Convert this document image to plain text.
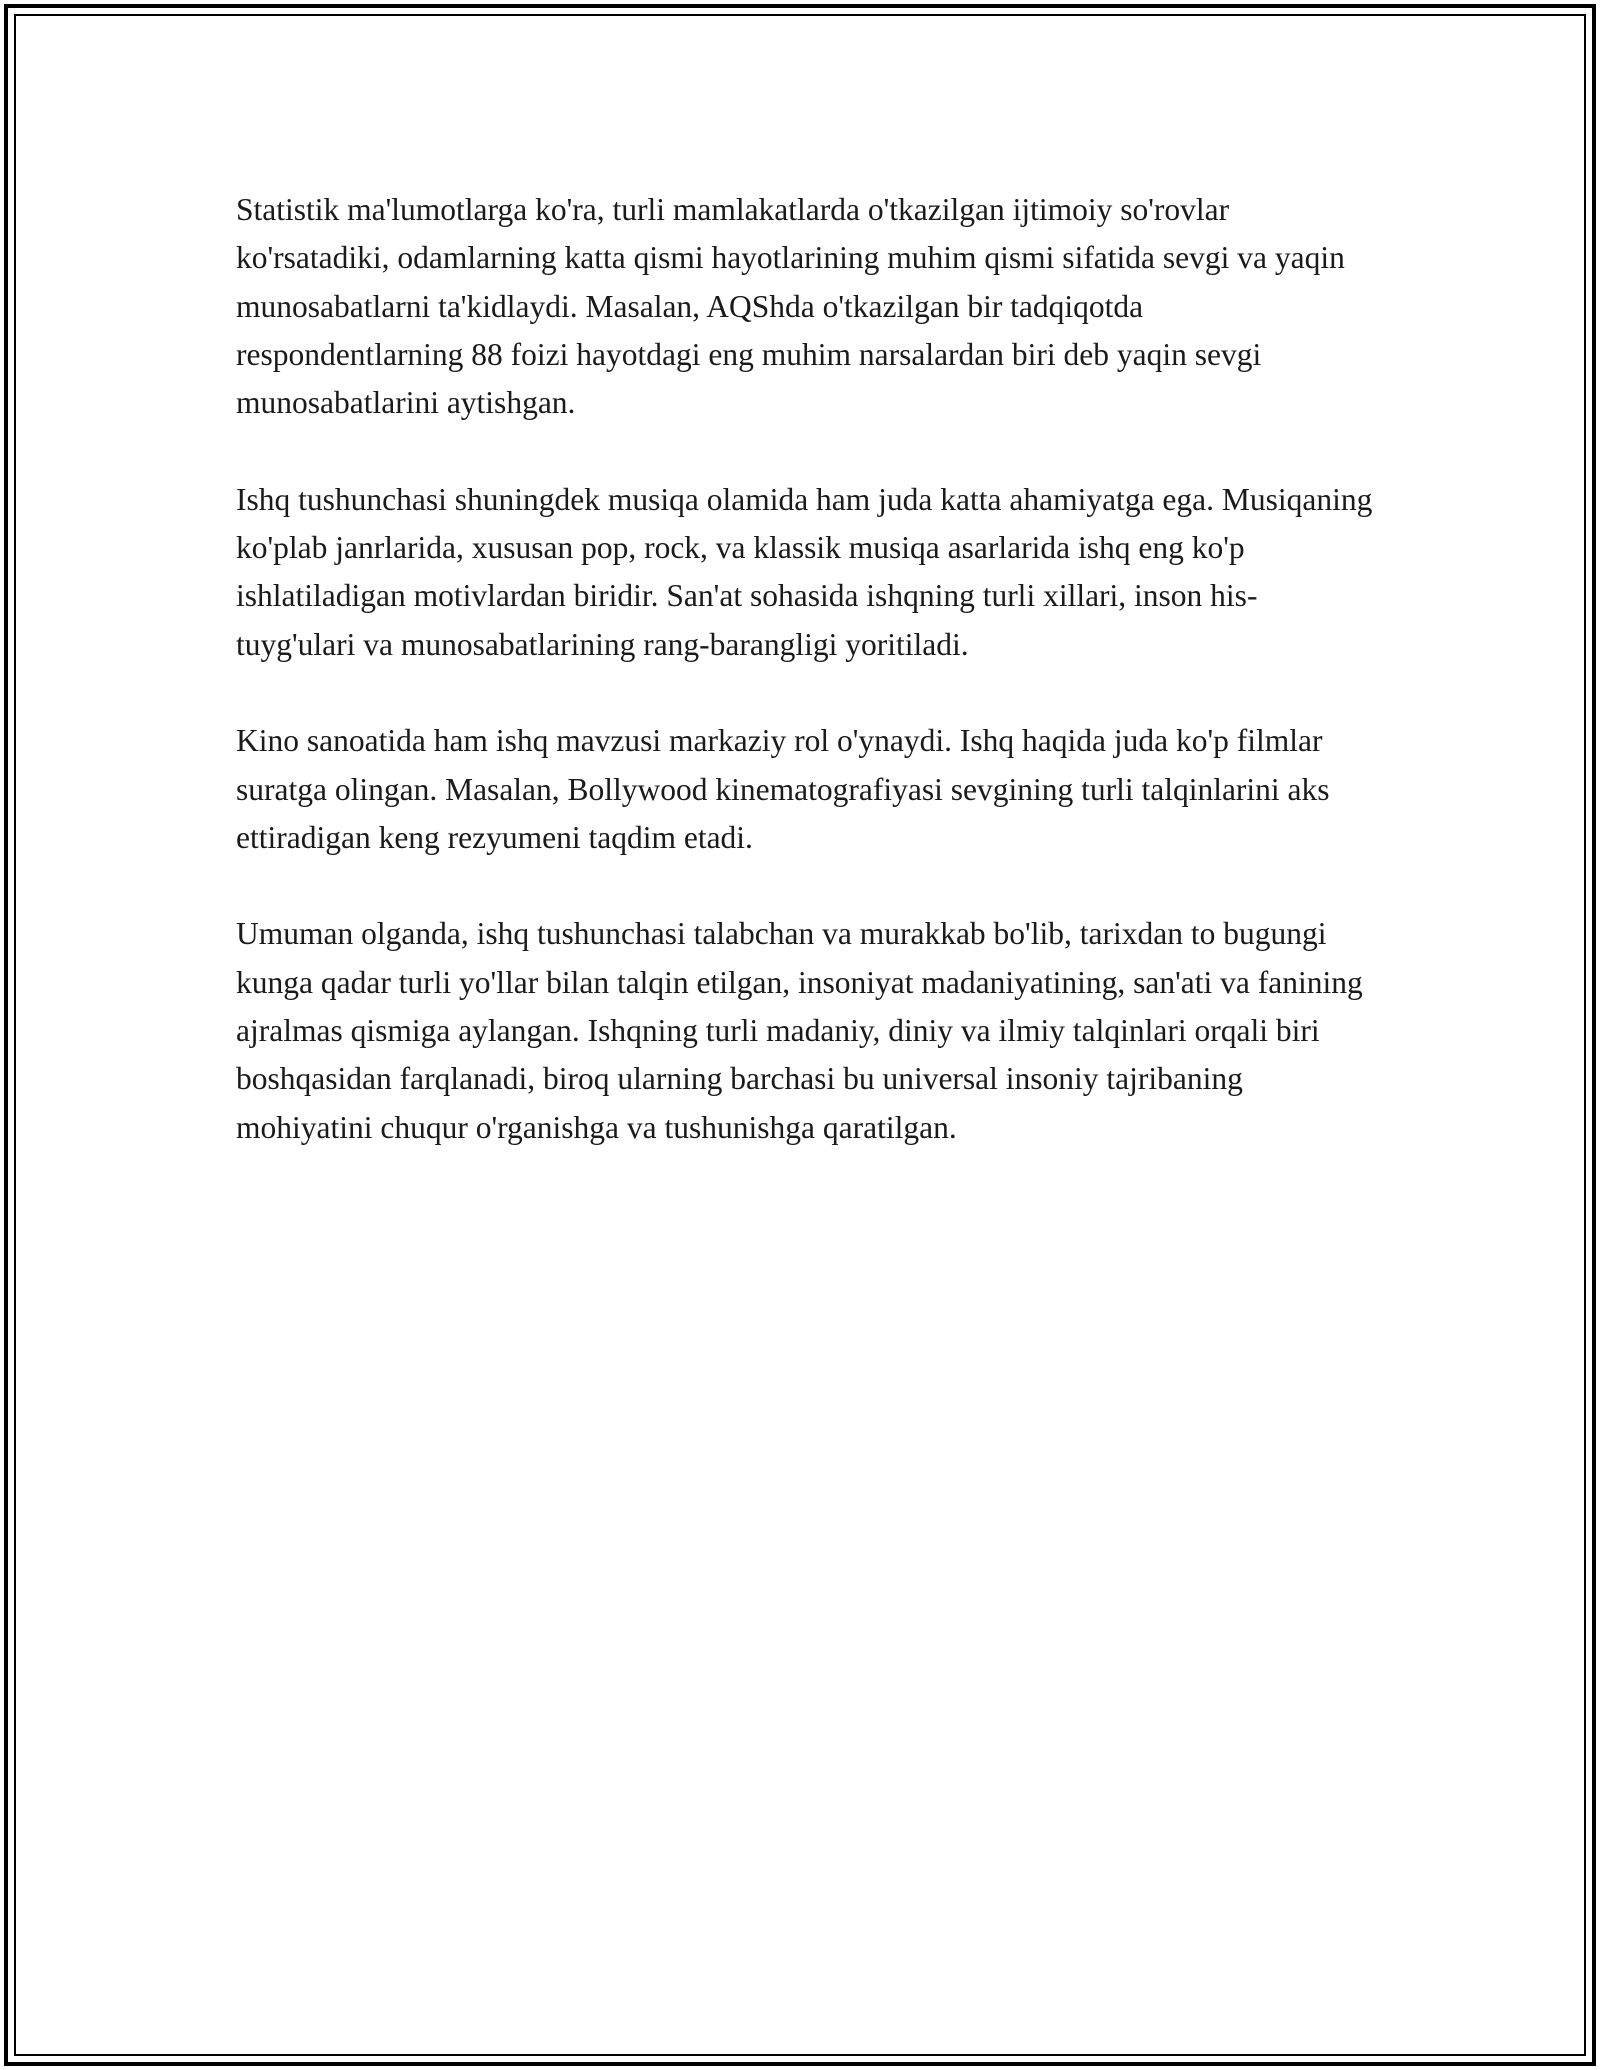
Statistik ma'lumotlarga ko'ra, turli mamlakatlarda o'tkazilgan ijtimoiy so'rovlar ko'rsatadiki, odamlarning katta qismi hayotlarining muhim qismi sifatida sevgi va yaqin munosabatlarni ta'kidlaydi. Masalan, AQShda o'tkazilgan bir tadqiqotda respondentlarning 88 foizi hayotdagi eng muhim narsalardan biri deb yaqin sevgi munosabatlarini aytishgan.

Ishq tushunchasi shuningdek musiqa olamida ham juda katta ahamiyatga ega. Musiqaning ko'plab janrlarida, xususan pop, rock, va klassik musiqa asarlarida ishq eng ko'p ishlatiladigan motivlardan biridir. San'at sohasida ishqning turli xillari, inson his-tuyg'ulari va munosabatlarining rang-barangligi yoritiladi.

Kino sanoatida ham ishq mavzusi markaziy rol o'ynaydi. Ishq haqida juda ko'p filmlar suratga olingan. Masalan, Bollywood kinematografiyasi sevgining turli talqinlarini aks ettiradigan keng rezyumeni taqdim etadi.

Umuman olganda, ishq tushunchasi talabchan va murakkab bo'lib, tarixdan to bugungi kunga qadar turli yo'llar bilan talqin etilgan, insoniyat madaniyatining, san'ati va fanining ajralmas qismiga aylangan. Ishqning turli madaniy, diniy va ilmiy talqinlari orqali biri boshqasidan farqlanadi, biroq ularning barchasi bu universal insoniy tajribaning mohiyatini chuqur o'rganishga va tushunishga qaratilgan.
